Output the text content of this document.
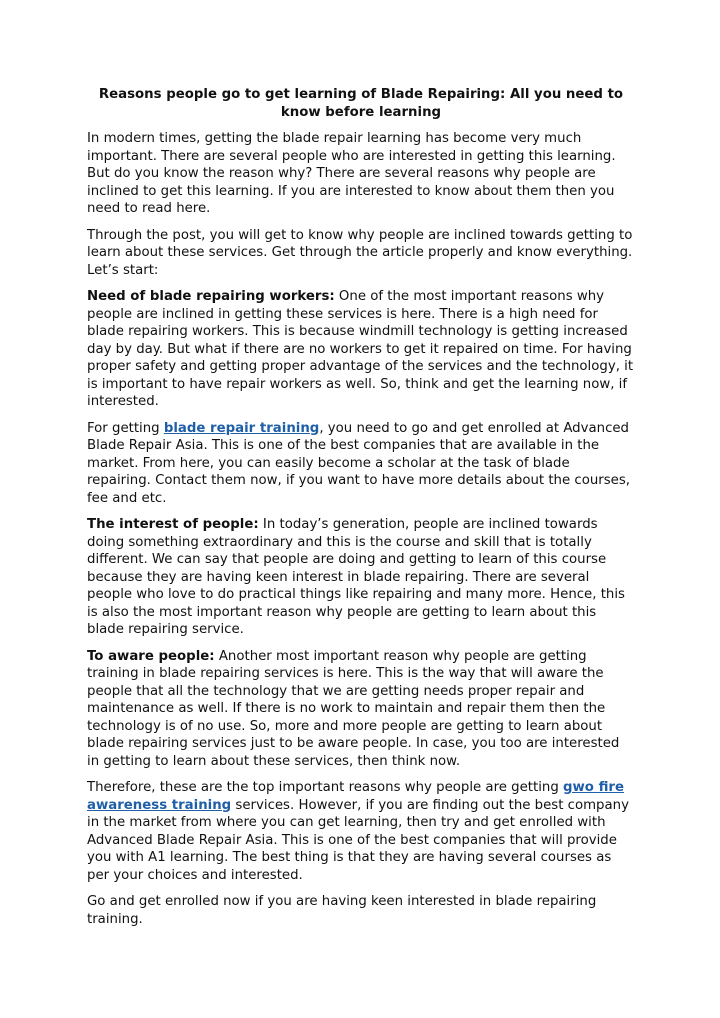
Reasons people go to get learning of Blade Repairing: All you need to know before learning

In modern times, getting the blade repair learning has become very much important. There are several people who are interested in getting this learning. But do you know the reason why? There are several reasons why people are inclined to get this learning. If you are interested to know about them then you need to read here.

Through the post, you will get to know why people are inclined towards getting to learn about these services. Get through the article properly and know everything. Let’s start:

Need of blade repairing workers: One of the most important reasons why people are inclined in getting these services is here. There is a high need for blade repairing workers. This is because windmill technology is getting increased day by day. But what if there are no workers to get it repaired on time. For having proper safety and getting proper advantage of the services and the technology, it is important to have repair workers as well. So, think and get the learning now, if interested.

For getting blade repair training, you need to go and get enrolled at Advanced Blade Repair Asia. This is one of the best companies that are available in the market. From here, you can easily become a scholar at the task of blade repairing. Contact them now, if you want to have more details about the courses, fee and etc.

The interest of people: In today’s generation, people are inclined towards doing something extraordinary and this is the course and skill that is totally different. We can say that people are doing and getting to learn of this course because they are having keen interest in blade repairing. There are several people who love to do practical things like repairing and many more. Hence, this is also the most important reason why people are getting to learn about this blade repairing service.

To aware people: Another most important reason why people are getting training in blade repairing services is here. This is the way that will aware the people that all the technology that we are getting needs proper repair and maintenance as well. If there is no work to maintain and repair them then the technology is of no use. So, more and more people are getting to learn about blade repairing services just to be aware people. In case, you too are interested in getting to learn about these services, then think now.

Therefore, these are the top important reasons why people are getting gwo fire awareness training services. However, if you are finding out the best company in the market from where you can get learning, then try and get enrolled with Advanced Blade Repair Asia. This is one of the best companies that will provide you with A1 learning. The best thing is that they are having several courses as per your choices and interested.

Go and get enrolled now if you are having keen interested in blade repairing training.
